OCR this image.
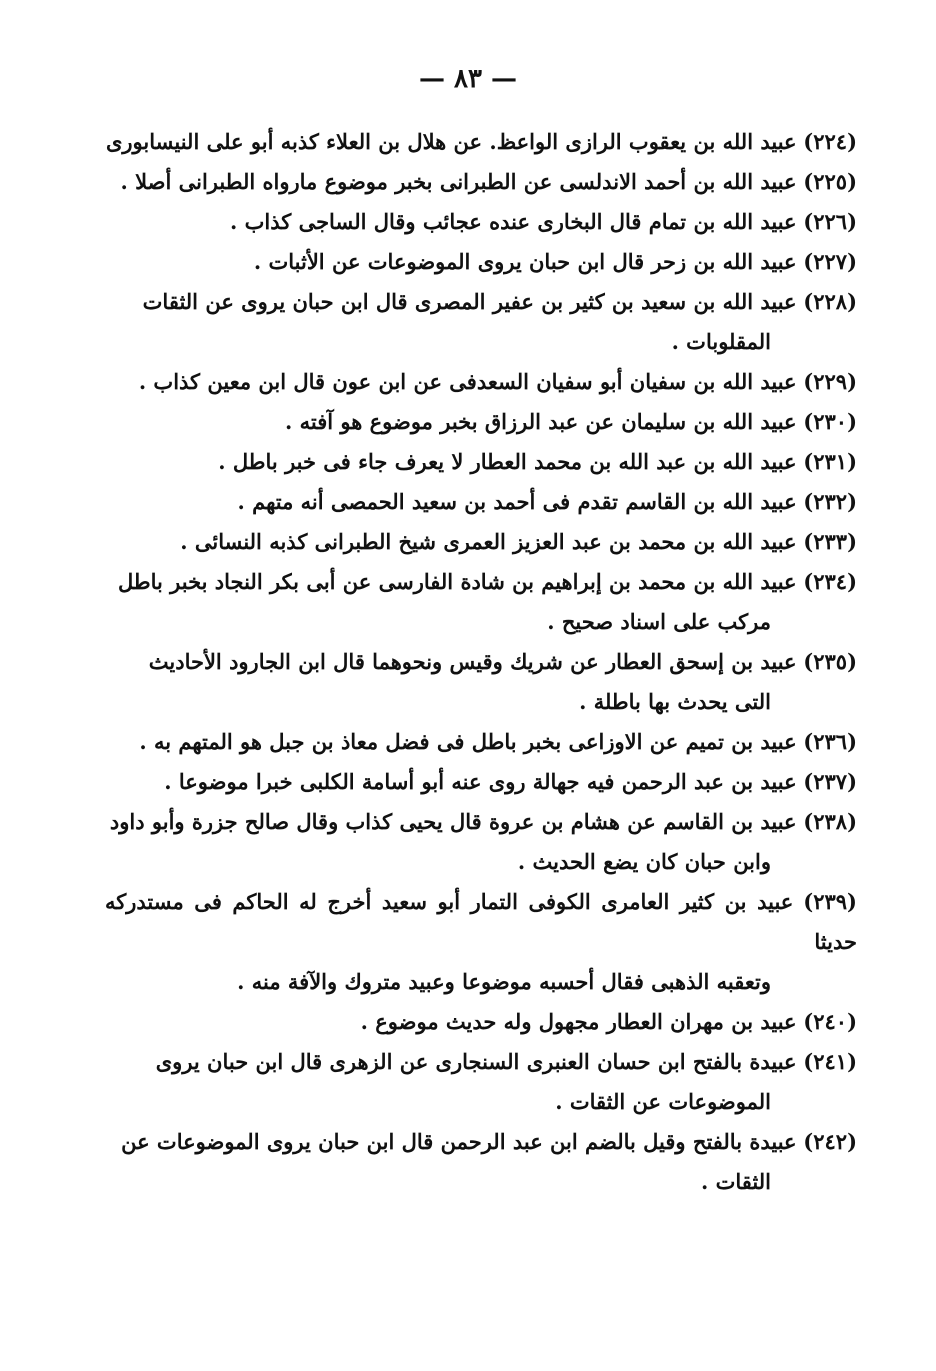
— ٨٣ —
(٢٢٤) عبيد الله بن يعقوب الرازى الواعظ. عن هلال بن العلاء كذبه أبو على النيسابورى
(٢٢٥) عبيد الله بن أحمد الاندلسى عن الطبرانى بخبر موضوع مارواه الطبرانى أصلا .
(٢٢٦) عبيد الله بن تمام قال البخارى عنده عجائب وقال الساجى كذاب .
(٢٢٧) عبيد الله بن زحر قال ابن حبان يروى الموضوعات عن الأثبات .
(٢٢٨) عبيد الله بن سعيد بن كثير بن عفير المصرى قال ابن حبان يروى عن الثقات
المقلوبات .
(٢٢٩) عبيد الله بن سفيان أبو سفيان السعدفى عن ابن عون قال ابن معين كذاب .
(٢٣٠) عبيد الله بن سليمان عن عبد الرزاق بخبر موضوع هو آفته .
(٢٣١) عبيد الله بن عبد الله بن محمد العطار لا يعرف جاء فى خبر باطل .
(٢٣٢) عبيد الله بن القاسم تقدم فى أحمد بن سعيد الحمصى أنه متهم .
(٢٣٣) عبيد الله بن محمد بن عبد العزيز العمرى شيخ الطبرانى كذبه النسائى .
(٢٣٤) عبيد الله بن محمد بن إبراهيم بن شادة الفارسى عن أبى بكر النجاد بخبر باطل
مركب على اسناد صحيح .
(٢٣٥) عبيد بن إسحق العطار عن شريك وقيس ونحوهما قال ابن الجارود الأحاديث
التى يحدث بها باطلة .
(٢٣٦) عبيد بن تميم عن الاوزاعى بخبر باطل فى فضل معاذ بن جبل هو المتهم به .
(٢٣٧) عبيد بن عبد الرحمن فيه جهالة روى عنه أبو أسامة الكلبى خبرا موضوعا .
(٢٣٨) عبيد بن القاسم عن هشام بن عروة قال يحيى كذاب وقال صالح جزرة وأبو داود
وابن حبان كان يضع الحديث .
(٢٣٩) عبيد بن كثير العامرى الكوفى التمار أبو سعيد أخرج له الحاكم فى مستدركه حديثا
وتعقبه الذهبى فقال أحسبه موضوعا وعبيد متروك والآفة منه .
(٢٤٠) عبيد بن مهران العطار مجهول وله حديث موضوع .
(٢٤١) عبيدة بالفتح ابن حسان العنبرى السنجارى عن الزهرى قال ابن حبان يروى
الموضوعات عن الثقات .
(٢٤٢) عبيدة بالفتح وقيل بالضم ابن عبد الرحمن قال ابن حبان يروى الموضوعات عن
الثقات .
